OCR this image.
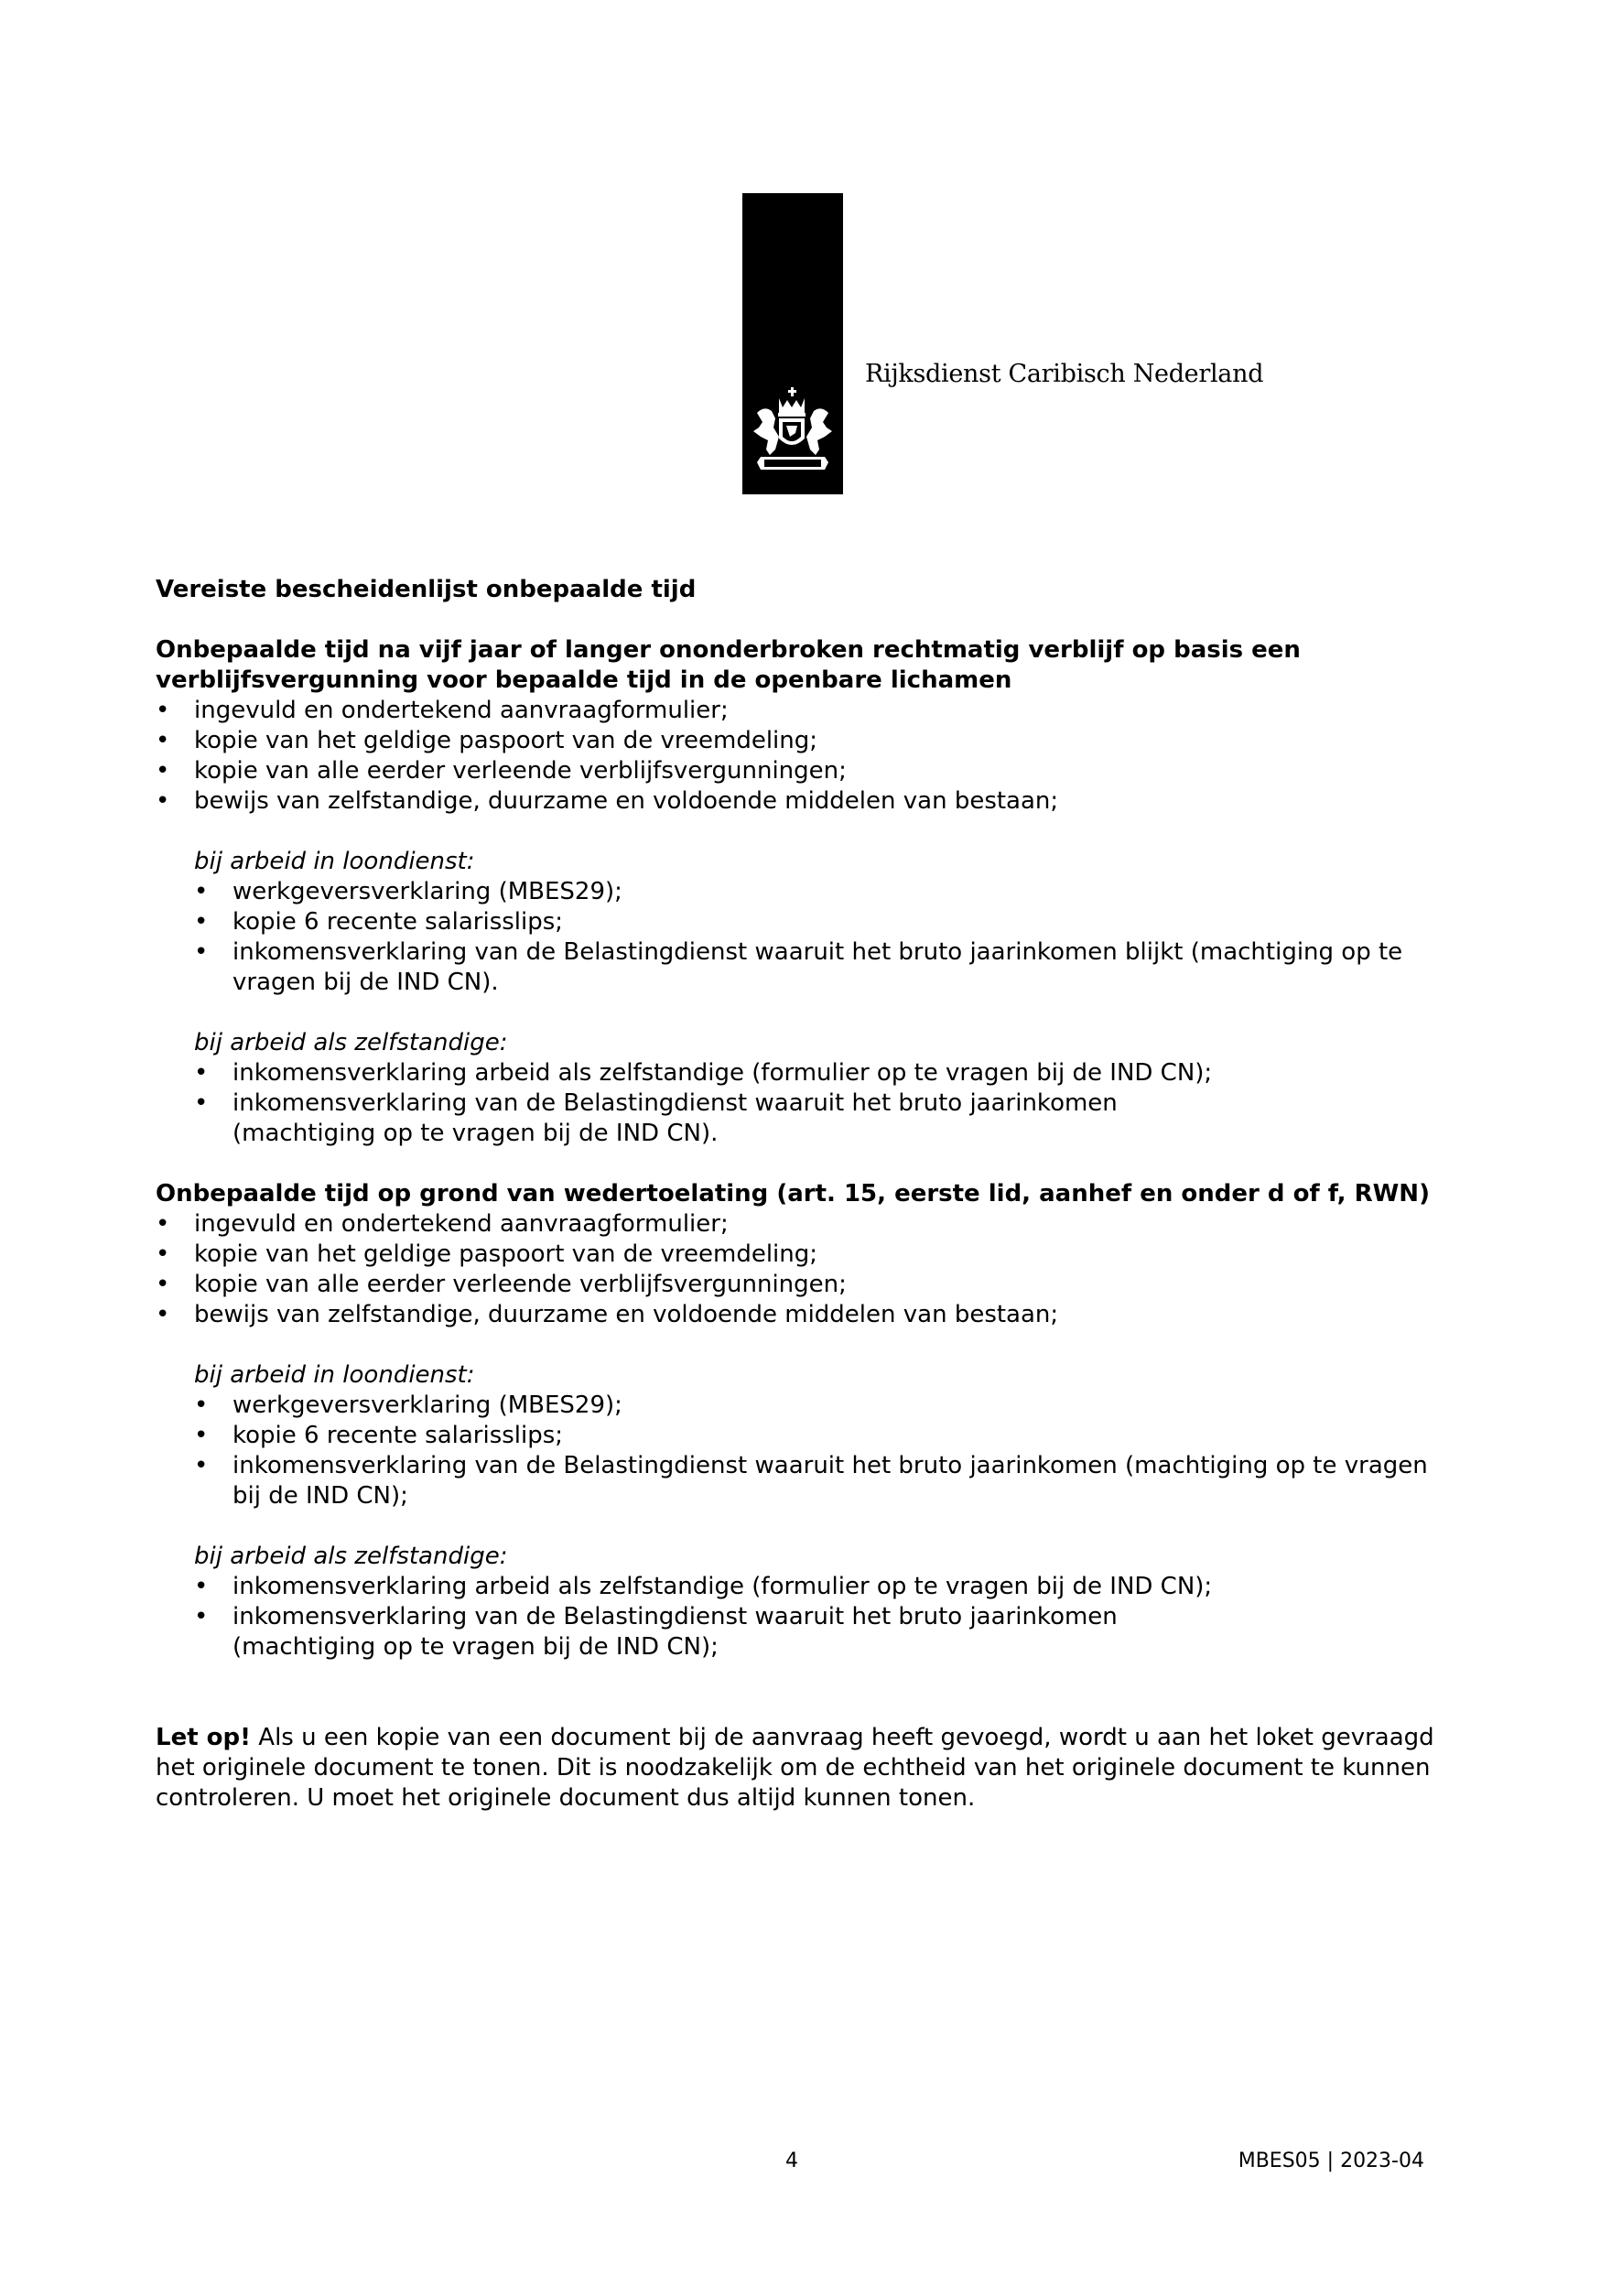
Rijksdienst Caribisch Nederland
Vereiste bescheidenlijst onbepaalde tijd
Onbepaalde tijd na vijf jaar of langer ononderbroken rechtmatig verblijf op basis een verblijfsvergunning voor bepaalde tijd in de openbare lichamen
• ingevuld en ondertekend aanvraagformulier;
• kopie van het geldige paspoort van de vreemdeling;
• kopie van alle eerder verleende verblijfsvergunningen;
• bewijs van zelfstandige, duurzame en voldoende middelen van bestaan;
bij arbeid in loondienst:
• werkgeversverklaring (MBES29);
• kopie 6 recente salarisslips;
• inkomensverklaring van de Belastingdienst waaruit het bruto jaarinkomen blijkt (machtiging op te vragen bij de IND CN).
bij arbeid als zelfstandige:
• inkomensverklaring arbeid als zelfstandige (formulier op te vragen bij de IND CN);
• inkomensverklaring van de Belastingdienst waaruit het bruto jaarinkomen (machtiging op te vragen bij de IND CN).
Onbepaalde tijd op grond van wedertoelating (art. 15, eerste lid, aanhef en onder d of f, RWN)
• ingevuld en ondertekend aanvraagformulier;
• kopie van het geldige paspoort van de vreemdeling;
• kopie van alle eerder verleende verblijfsvergunningen;
• bewijs van zelfstandige, duurzame en voldoende middelen van bestaan;
bij arbeid in loondienst:
• werkgeversverklaring (MBES29);
• kopie 6 recente salarisslips;
• inkomensverklaring van de Belastingdienst waaruit het bruto jaarinkomen (machtiging op te vragen bij de IND CN);
bij arbeid als zelfstandige:
• inkomensverklaring arbeid als zelfstandige (formulier op te vragen bij de IND CN);
• inkomensverklaring van de Belastingdienst waaruit het bruto jaarinkomen (machtiging op te vragen bij de IND CN);

Let op! Als u een kopie van een document bij de aanvraag heeft gevoegd, wordt u aan het loket gevraagd het originele document te tonen. Dit is noodzakelijk om de echtheid van het originele document te kunnen controleren. U moet het originele document dus altijd kunnen tonen.

4	MBES05 | 2023-04
